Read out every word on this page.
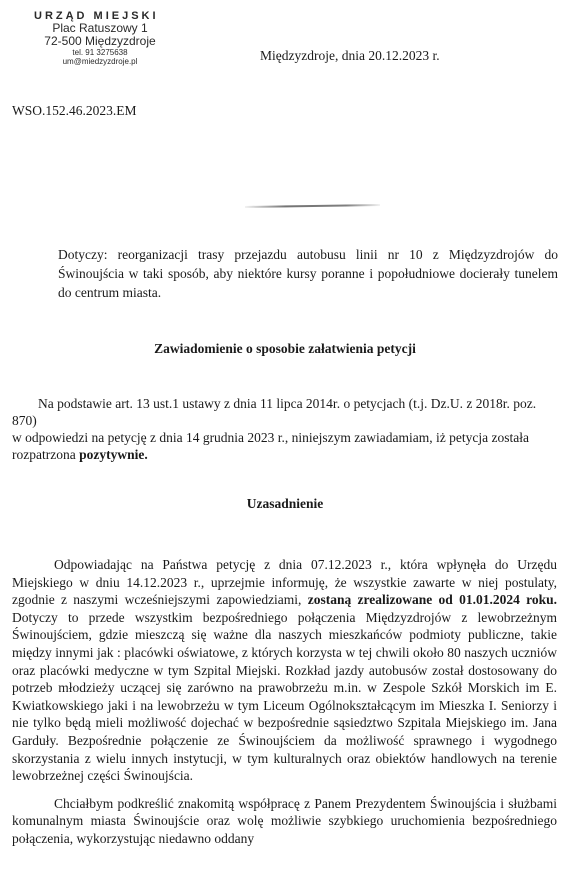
URZĄD MIEJSKI
Plac Ratuszowy 1
72-500 Międzyzdroje
tel. 91 3275638
um@miedzyzdroje.pl	Międzyzdroje, dnia 20.12.2023 r.
WSO.152.46.2023.EM
Dotyczy: reorganizacji trasy przejazdu autobusu linii nr 10 z Międzyzdrojów do Świnoujścia w taki sposób, aby niektóre kursy poranne i popołudniowe docierały tunelem do centrum miasta.
Zawiadomienie o sposobie załatwienia petycji
Na podstawie art. 13 ust.1 ustawy z dnia 11 lipca 2014r. o petycjach (t.j. Dz.U. z 2018r. poz. 870)
w odpowiedzi na petycję z dnia 14 grudnia 2023 r., niniejszym zawiadamiam, iż petycja została rozpatrzona pozytywnie.
Uzasadnienie

Odpowiadając na Państwa petycję z dnia 07.12.2023 r., która wpłynęła do Urzędu Miejskiego w dniu 14.12.2023 r., uprzejmie informuję, że wszystkie zawarte w niej postulaty, zgodnie z naszymi wcześniejszymi zapowiedziami, zostaną zrealizowane od 01.01.2024 roku. Dotyczy to przede wszystkim bezpośredniego połączenia Międzyzdrojów z lewobrzeżnym Świnoujściem, gdzie mieszczą się ważne dla naszych mieszkańców podmioty publiczne, takie między innymi jak : placówki oświatowe, z których korzysta w tej chwili około 80 naszych uczniów oraz placówki medyczne w tym Szpital Miejski. Rozkład jazdy autobusów został dostosowany do potrzeb młodzieży uczącej się zarówno na prawobrzeżu m.in. w Zespole Szkół Morskich im E. Kwiatkowskiego jaki i na lewobrzeżu w tym Liceum Ogólnokształcącym im Mieszka I. Seniorzy i nie tylko będą mieli możliwość dojechać w bezpośrednie sąsiedztwo Szpitala Miejskiego im. Jana Garduły. Bezpośrednie połączenie ze Świnoujściem da możliwość sprawnego i wygodnego skorzystania z wielu innych instytucji, w tym kulturalnych oraz obiektów handlowych na terenie lewobrzeżnej części Świnoujścia.

Chciałbym podkreślić znakomitą współpracę z Panem Prezydentem Świnoujścia i służbami komunalnym miasta Świnoujście oraz wolę możliwie szybkiego uruchomienia bezpośredniego połączenia, wykorzystując niedawno oddany
